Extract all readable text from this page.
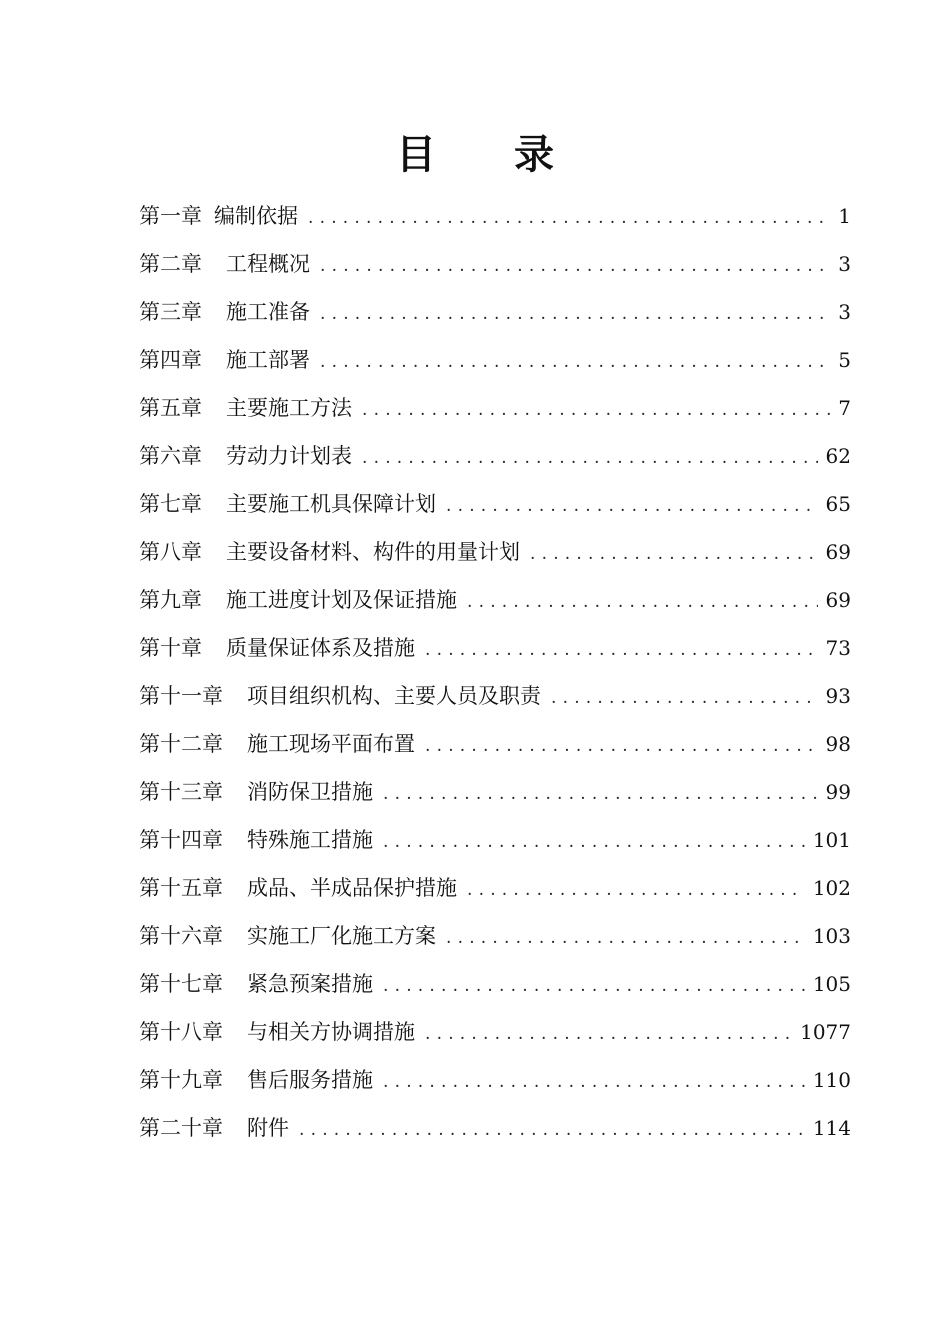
目 录
第一章 编制依据 .....	1
第二章 工程概况 .....	3
第三章 施工准备 .....	3
第四章 施工部署 .....	5
第五章 主要施工方法 .....	7
第六章 劳动力计划表 .....	62
第七章 主要施工机具保障计划 .....	65
第八章 主要设备材料、构件的用量计划 .....	69
第九章 施工进度计划及保证措施 .....	69
第十章 质量保证体系及措施 .....	73
第十一章 项目组织机构、主要人员及职责 .....	93
第十二章 施工现场平面布置 .....	98
第十三章 消防保卫措施 .....	99
第十四章 特殊施工措施 .....	101
第十五章 成品、半成品保护措施 .....	102
第十六章 实施工厂化施工方案 .....	103
第十七章 紧急预案措施 .....	105
第十八章 与相关方协调措施 .....	1077
第十九章 售后服务措施 .....	110
第二十章 附件 .....	114
